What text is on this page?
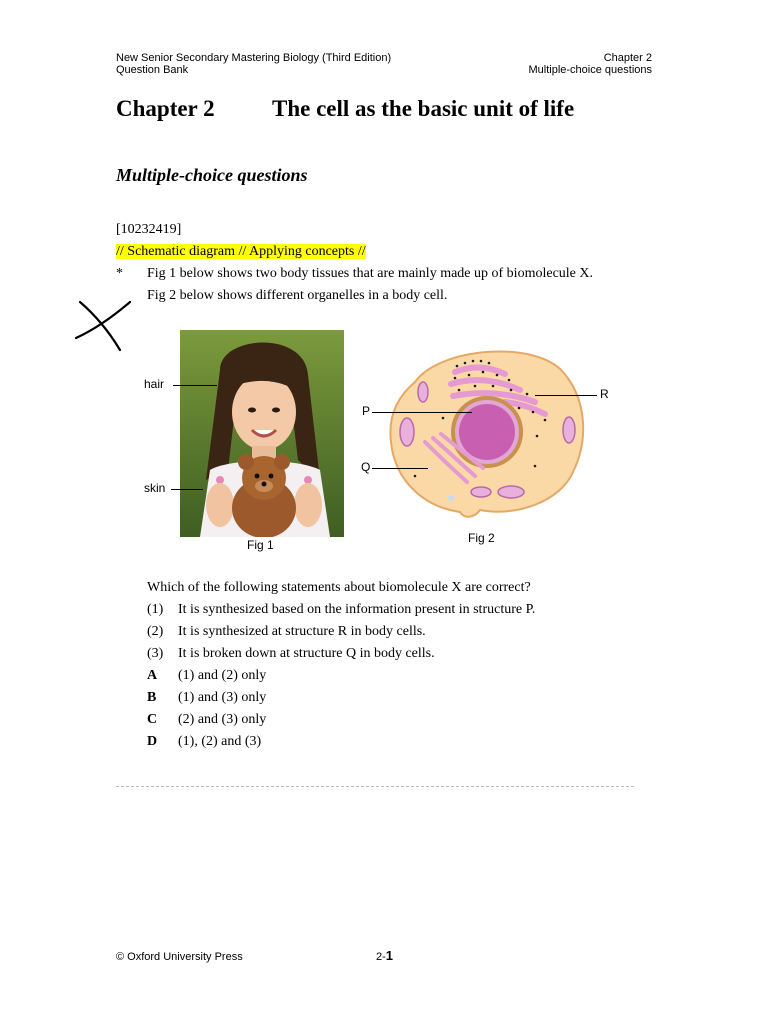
New Senior Secondary Mastering Biology (Third Edition)
Question Bank
Chapter 2
Multiple-choice questions
Chapter 2 The cell as the basic unit of life
Multiple-choice questions
[10232419]
// Schematic diagram // Applying concepts //
* Fig 1 below shows two body tissues that are mainly made up of biomolecule X.
Fig 2 below shows different organelles in a body cell.
hair
skin
Fig 1
P
Q
R
Fig 2
Which of the following statements about biomolecule X are correct?
(1) It is synthesized based on the information present in structure P.
(2) It is synthesized at structure R in body cells.
(3) It is broken down at structure Q in body cells.
A (1) and (2) only
B (1) and (3) only
C (2) and (3) only
D (1), (2) and (3)
© Oxford University Press	2-1
